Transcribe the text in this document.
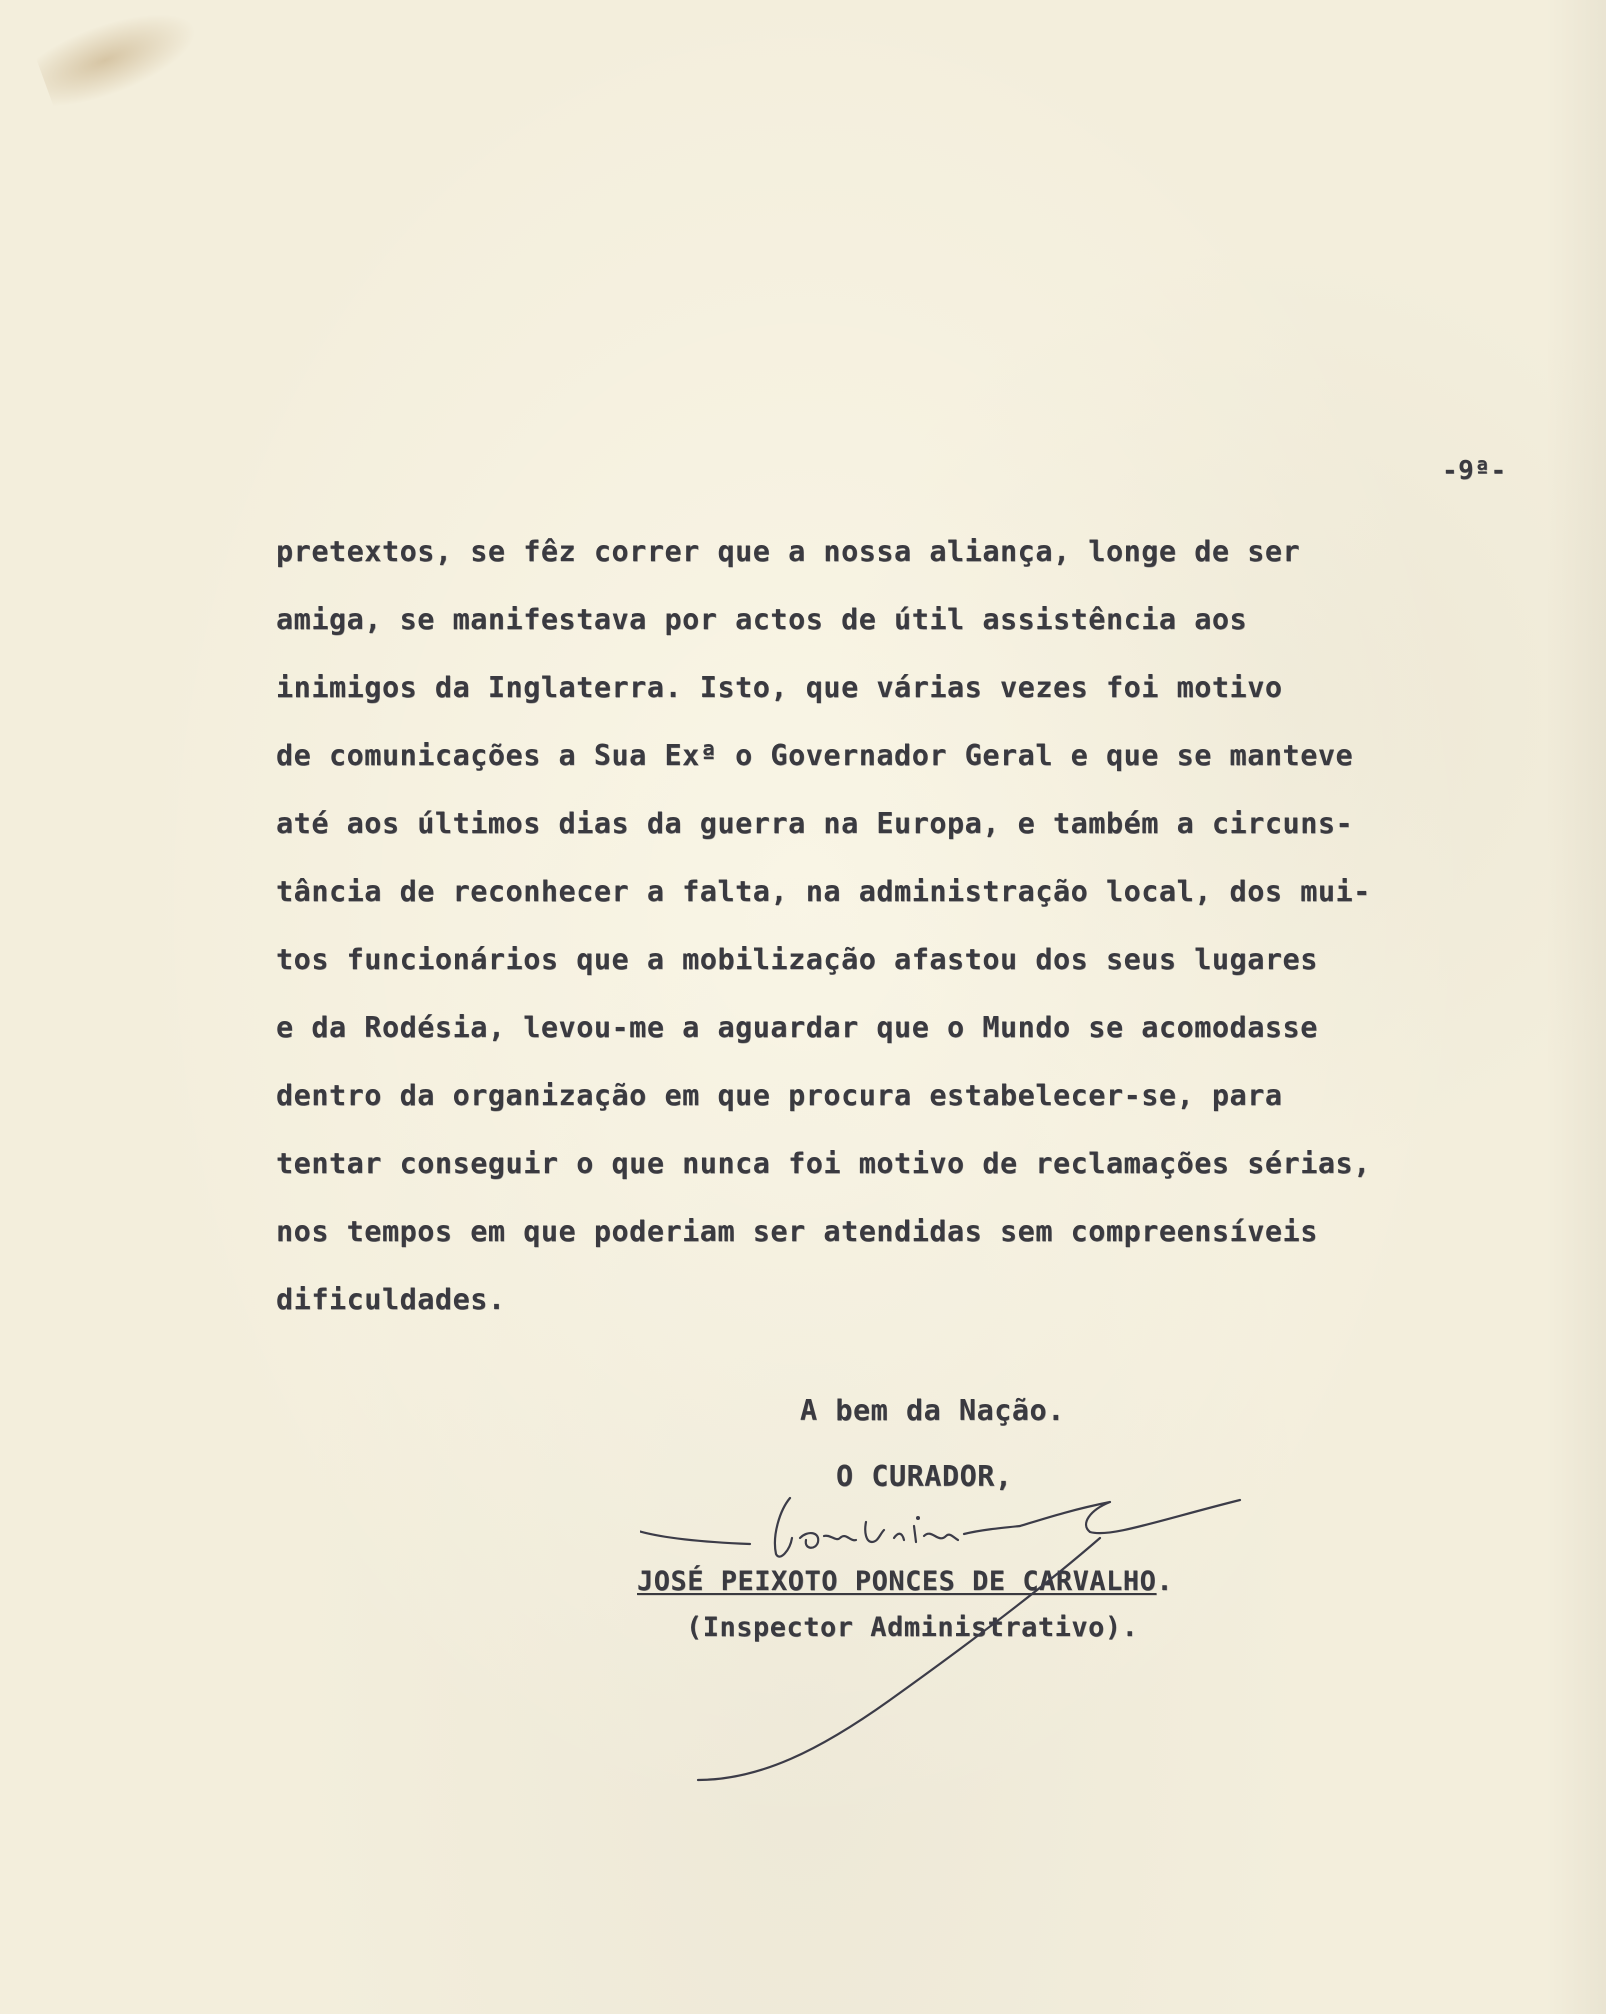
-9ª-
pretextos, se fêz correr que a nossa aliança, longe de ser
amiga, se manifestava por actos de útil assistência aos
inimigos da Inglaterra. Isto, que várias vezes foi motivo
de comunicações a Sua Exª o Governador Geral e que se manteve
até aos últimos dias da guerra na Europa, e também a circuns-
tância de reconhecer a falta, na administração local, dos mui-
tos funcionários que a mobilização afastou dos seus lugares
e da Rodésia, levou-me a aguardar que o Mundo se acomodasse
dentro da organização em que procura estabelecer-se, para
tentar conseguir o que nunca foi motivo de reclamações sérias,
nos tempos em que poderiam ser atendidas sem compreensíveis
dificuldades.
A bem da Nação.
O CURADOR,
JOSÉ PEIXOTO PONCES DE CARVALHO.
(Inspector Administrativo).
